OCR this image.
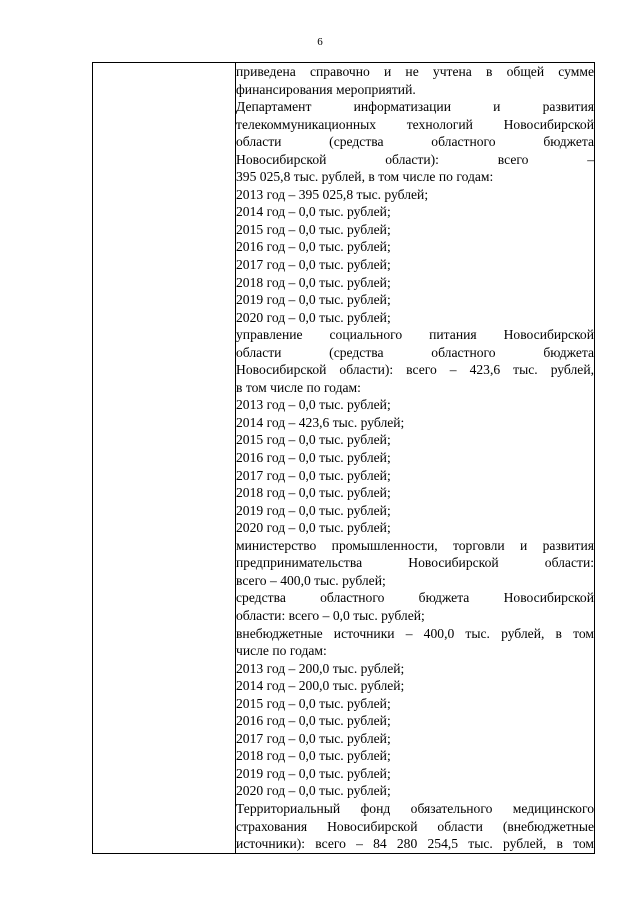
6

приведена справочно и не учтена в общей сумме
финансирования мероприятий.
Департамент информатизации и развития
телекоммуникационных технологий Новосибирской
области (средства областного бюджета
Новосибирской области): всего –
395 025,8 тыс. рублей, в том числе по годам:
2013 год – 395 025,8 тыс. рублей;
2014 год – 0,0 тыс. рублей;
2015 год – 0,0 тыс. рублей;
2016 год – 0,0 тыс. рублей;
2017 год – 0,0 тыс. рублей;
2018 год – 0,0 тыс. рублей;
2019 год – 0,0 тыс. рублей;
2020 год – 0,0 тыс. рублей;
управление социального питания Новосибирской
области (средства областного бюджета
Новосибирской области): всего – 423,6 тыс. рублей,
в том числе по годам:
2013 год – 0,0 тыс. рублей;
2014 год – 423,6 тыс. рублей;
2015 год – 0,0 тыс. рублей;
2016 год – 0,0 тыс. рублей;
2017 год – 0,0 тыс. рублей;
2018 год – 0,0 тыс. рублей;
2019 год – 0,0 тыс. рублей;
2020 год – 0,0 тыс. рублей;
министерство промышленности, торговли и развития
предпринимательства Новосибирской области:
всего – 400,0 тыс. рублей;
средства областного бюджета Новосибирской
области: всего – 0,0 тыс. рублей;
внебюджетные источники – 400,0 тыс. рублей, в том
числе по годам:
2013 год – 200,0 тыс. рублей;
2014 год – 200,0 тыс. рублей;
2015 год – 0,0 тыс. рублей;
2016 год – 0,0 тыс. рублей;
2017 год – 0,0 тыс. рублей;
2018 год – 0,0 тыс. рублей;
2019 год – 0,0 тыс. рублей;
2020 год – 0,0 тыс. рублей;
Территориальный фонд обязательного медицинского
страхования Новосибирской области (внебюджетные
источники): всего – 84 280 254,5 тыс. рублей, в том
